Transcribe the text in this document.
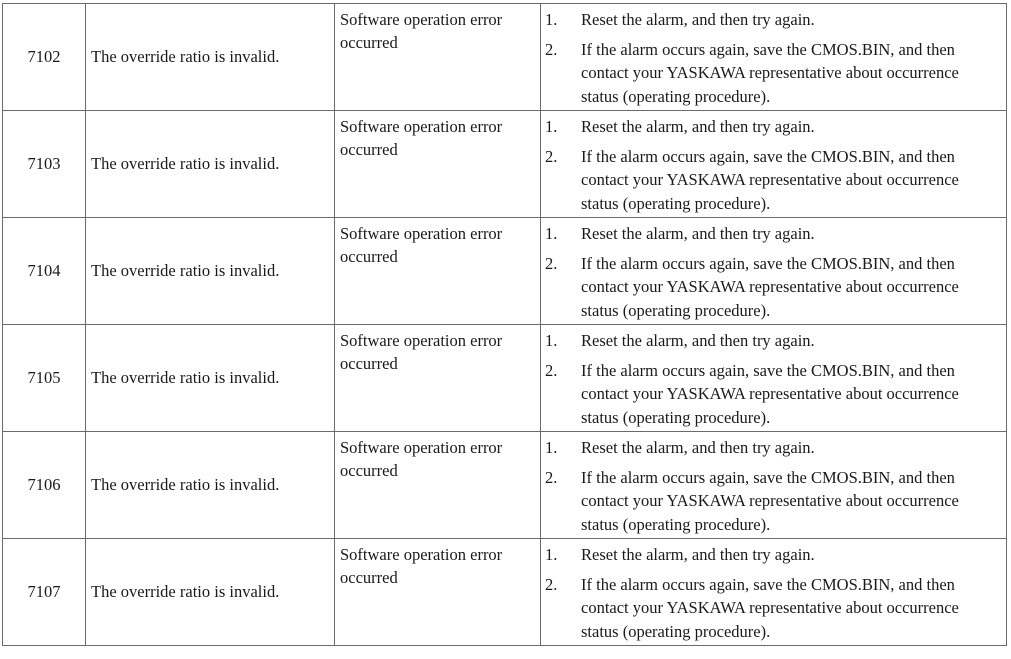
7102	The override ratio is invalid.	Software operation error occurred	1. Reset the alarm, and then try again.
2. If the alarm occurs again, save the CMOS.BIN, and then contact your YASKAWA representative about occurrence status (operating procedure).

7103	The override ratio is invalid.	Software operation error occurred	1. Reset the alarm, and then try again.
2. If the alarm occurs again, save the CMOS.BIN, and then contact your YASKAWA representative about occurrence status (operating procedure).

7104	The override ratio is invalid.	Software operation error occurred	1. Reset the alarm, and then try again.
2. If the alarm occurs again, save the CMOS.BIN, and then contact your YASKAWA representative about occurrence status (operating procedure).

7105	The override ratio is invalid.	Software operation error occurred	1. Reset the alarm, and then try again.
2. If the alarm occurs again, save the CMOS.BIN, and then contact your YASKAWA representative about occurrence status (operating procedure).

7106	The override ratio is invalid.	Software operation error occurred	1. Reset the alarm, and then try again.
2. If the alarm occurs again, save the CMOS.BIN, and then contact your YASKAWA representative about occurrence status (operating procedure).

7107	The override ratio is invalid.	Software operation error occurred	1. Reset the alarm, and then try again.
2. If the alarm occurs again, save the CMOS.BIN, and then contact your YASKAWA representative about occurrence status (operating procedure).
